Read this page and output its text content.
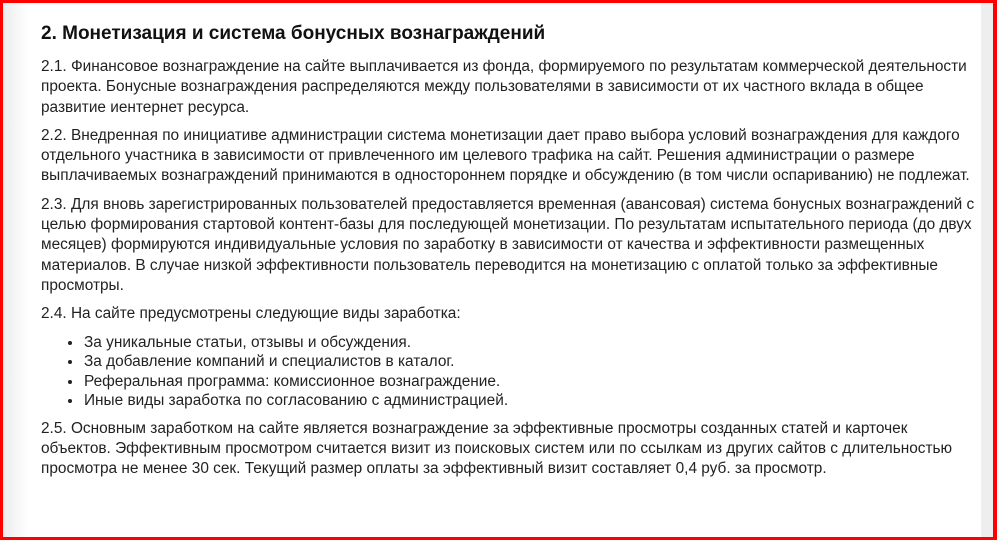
2. Монетизация и система бонусных вознаграждений

2.1. Финансовое вознаграждение на сайте выплачивается из фонда, формируемого по результатам коммерческой деятельности проекта. Бонусные вознаграждения распределяются между пользователями в зависимости от их частного вклада в общее развитие иентернет ресурса.

2.2. Внедренная по инициативе администрации система монетизации дает право выбора условий вознаграждения для каждого отдельного участника в зависимости от привлеченного им целевого трафика на сайт. Решения администрации о размере выплачиваемых вознаграждений принимаются в одностороннем порядке и обсуждению (в том числи оспариванию) не подлежат.

2.3. Для вновь зарегистрированных пользователей предоставляется временная (авансовая) система бонусных вознаграждений с целью формирования стартовой контент-базы для последующей монетизации. По результатам испытательного периода (до двух месяцев) формируются индивидуальные условия по заработку в зависимости от качества и эффективности размещенных материалов. В случае низкой эффективности пользователь переводится на монетизацию с оплатой только за эффективные просмотры.

2.4. На сайте предусмотрены следующие виды заработка:

• За уникальные статьи, отзывы и обсуждения.
• За добавление компаний и специалистов в каталог.
• Реферальная программа: комиссионное вознаграждение.
• Иные виды заработка по согласованию с администрацией.

2.5. Основным заработком на сайте является вознаграждение за эффективные просмотры созданных статей и карточек объектов. Эффективным просмотром считается визит из поисковых систем или по ссылкам из других сайтов с длительностью просмотра не менее 30 сек. Текущий размер оплаты за эффективный визит составляет 0,4 руб. за просмотр.
